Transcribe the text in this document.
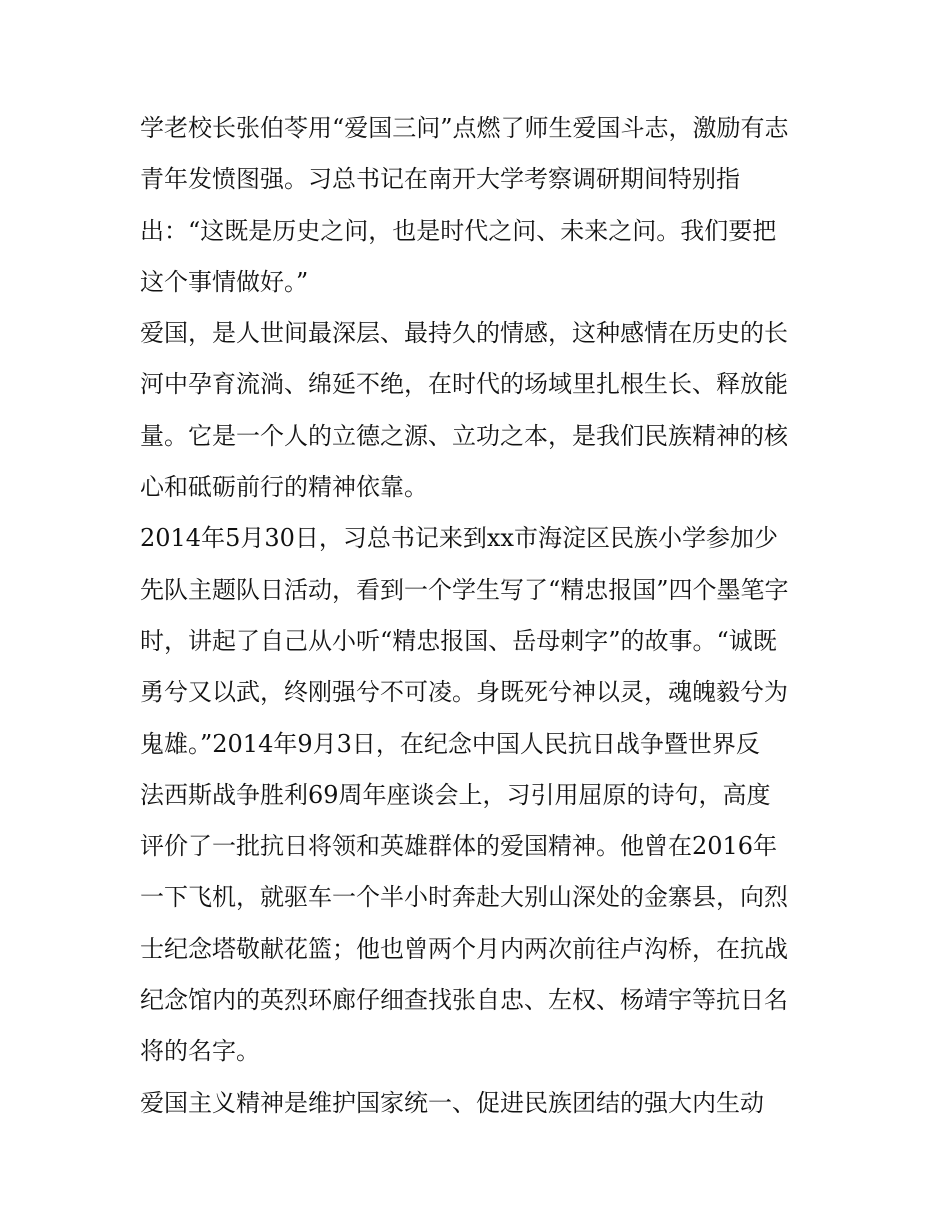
学老校长张伯苓用“爱国三问”点燃了师生爱国斗志，激励有志
青年发愤图强。习总书记在南开大学考察调研期间特别指
出：“这既是历史之问，也是时代之问、未来之问。我们要把
这个事情做好。”
爱国，是人世间最深层、最持久的情感，这种感情在历史的长
河中孕育流淌、绵延不绝，在时代的场域里扎根生长、释放能
量。它是一个人的立德之源、立功之本，是我们民族精神的核
心和砥砺前行的精神依靠。
2014年5月30日，习总书记来到xx市海淀区民族小学参加少
先队主题队日活动，看到一个学生写了“精忠报国”四个墨笔字
时，讲起了自己从小听“精忠报国、岳母刺字”的故事。“诚既
勇兮又以武，终刚强兮不可凌。身既死兮神以灵，魂魄毅兮为
鬼雄。”2014年9月3日，在纪念中国人民抗日战争暨世界反
法西斯战争胜利69周年座谈会上，习引用屈原的诗句，高度
评价了一批抗日将领和英雄群体的爱国精神。他曾在2016年
一下飞机，就驱车一个半小时奔赴大别山深处的金寨县，向烈
士纪念塔敬献花篮；他也曾两个月内两次前往卢沟桥，在抗战
纪念馆内的英烈环廊仔细查找张自忠、左权、杨靖宇等抗日名
将的名字。
爱国主义精神是维护国家统一、促进民族团结的强大内生动
